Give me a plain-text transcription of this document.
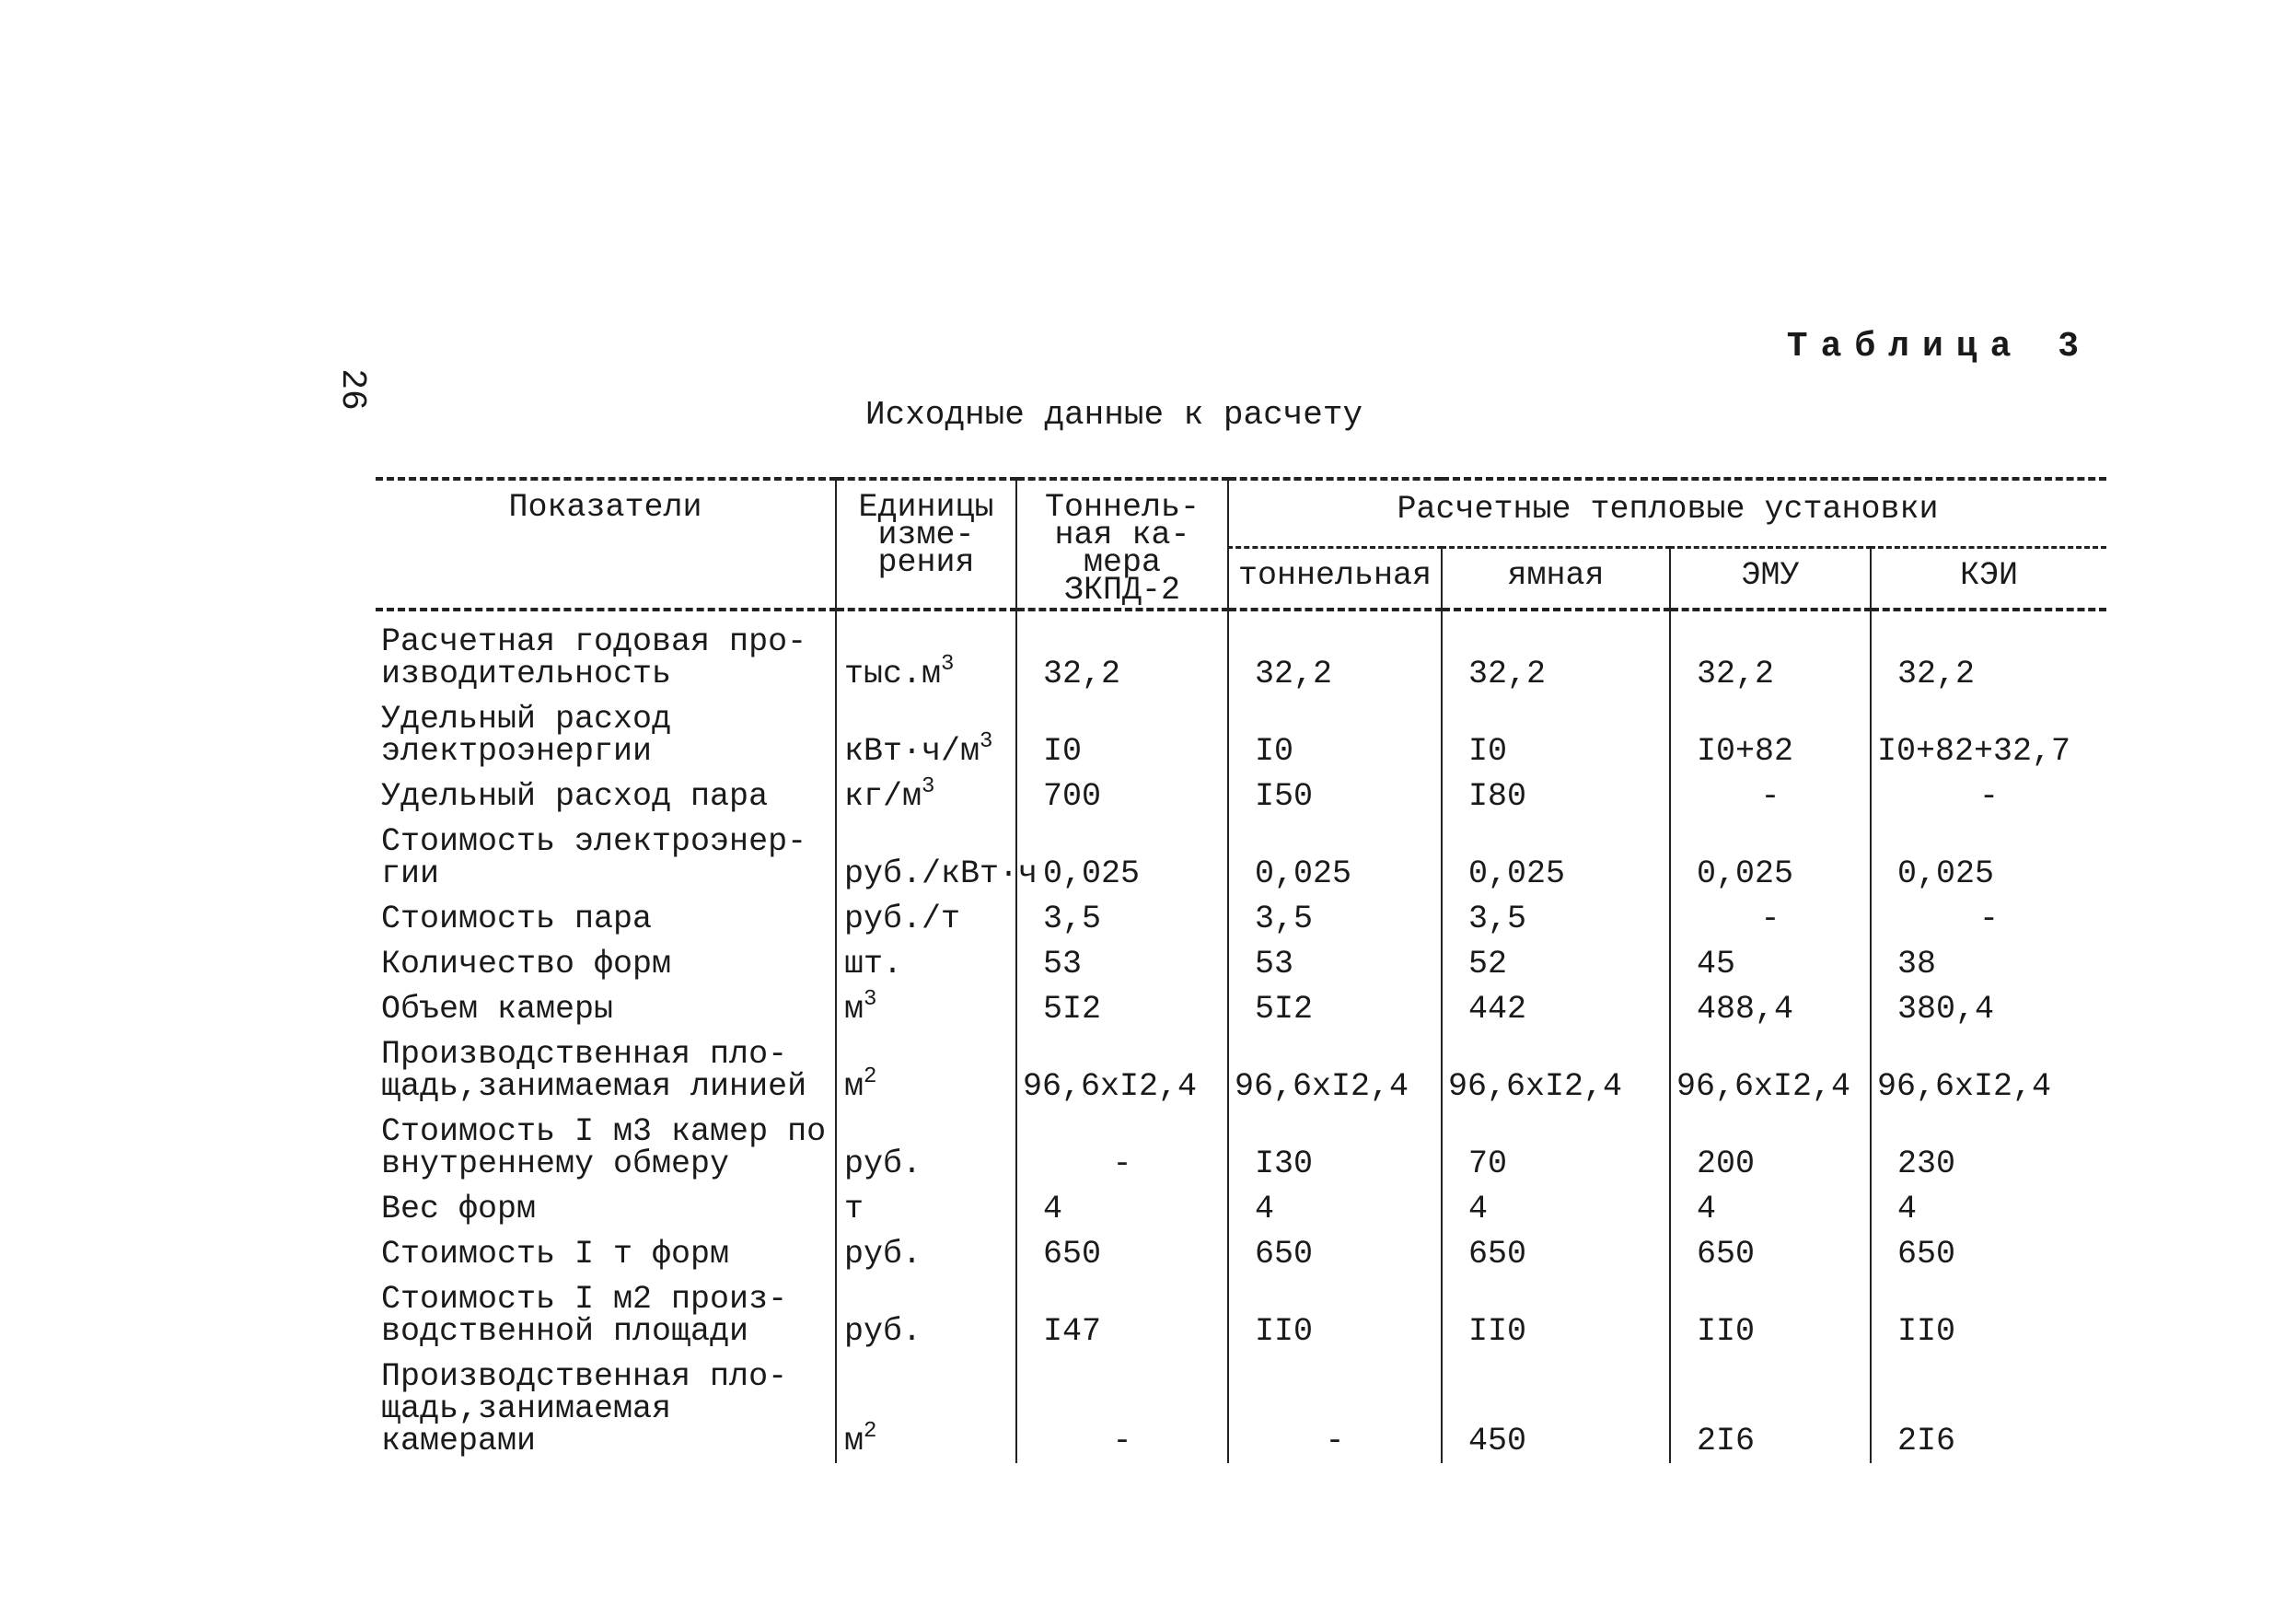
26
Таблица 3
Исходные данные к расчету
Показатели	Единицы изме-рения	Тоннель-ная ка-мера ЗКПД-2	Расчетные тепловые установки			
			тоннельная	ямная	ЭМУ	КЭИ
Расчетная годовая про-изводительность	$тыс.м^3$	32,2	32,2	32,2	32,2	32,2
Удельный расход электроэнергии	$кВт\cdot ч/м^3$	I0	I0	I0	I0+82	I0+82+32,7
Удельный расход пара	$кг/м^3$	700	I50	I80	-	-
Стоимость электроэнер-гии	руб./кВт·ч	0,025	0,025	0,025	0,025	0,025
Стоимость пара	руб./т	3,5	3,5	3,5	-	-
Количество форм	шт.	53	53	52	45	38
Объем камеры	$м^3$	5I2	5I2	442	488,4	380,4
Производственная пло-щадь,занимаемая линией	$м^2$	96,6xI2,4	96,6xI2,4	96,6xI2,4	96,6xI2,4	96,6xI2,4
Стоимость I м3 камер по внутреннему обмеру	руб.	-	I30	70	200	230
Вес форм	т	4	4	4	4	4
Стоимость I т форм	руб.	650	650	650	650	650
Стоимость I м2 произ-водственной площади	руб.	I47	II0	II0	II0	II0
Производственная пло-щадь,занимаемая камерами	$м^2$	-	-	450	2I6	2I6
